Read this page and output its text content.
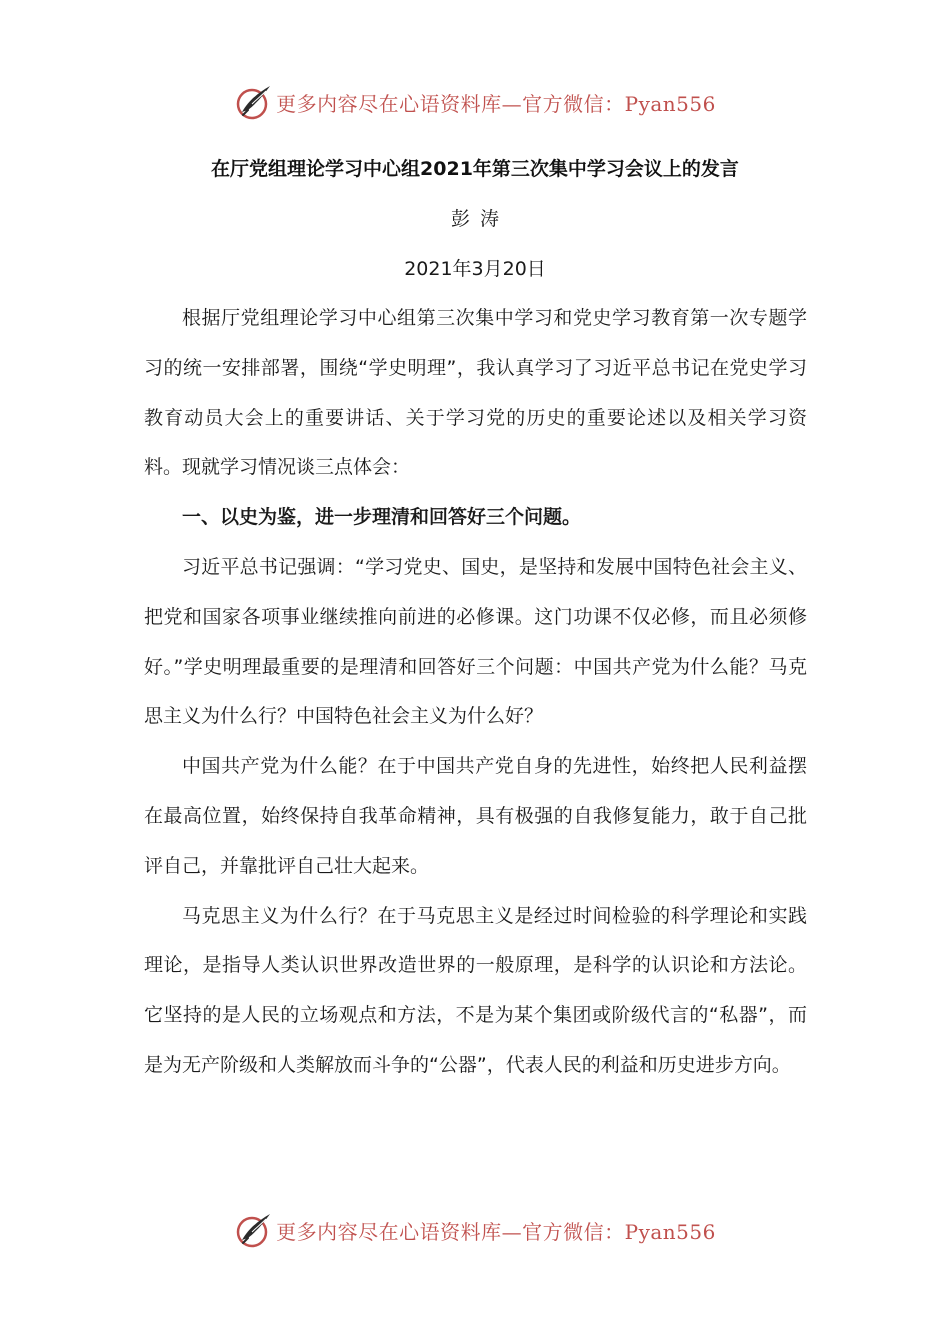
更多内容尽在心语资料库—官方微信：Pyan556
在厅党组理论学习中心组2021年第三次集中学习会议上的发言
彭涛
2021年3月20日

根据厅党组理论学习中心组第三次集中学习和党史学习教育第一次专题学习的统一安排部署，围绕“学史明理”，我认真学习了习近平总书记在党史学习教育动员大会上的重要讲话、关于学习党的历史的重要论述以及相关学习资料。现就学习情况谈三点体会：

一、以史为鉴，进一步理清和回答好三个问题。

习近平总书记强调：“学习党史、国史，是坚持和发展中国特色社会主义、把党和国家各项事业继续推向前进的必修课。这门功课不仅必修，而且必须修好。”学史明理最重要的是理清和回答好三个问题：中国共产党为什么能？马克思主义为什么行？中国特色社会主义为什么好？

中国共产党为什么能？在于中国共产党自身的先进性，始终把人民利益摆在最高位置，始终保持自我革命精神，具有极强的自我修复能力，敢于自己批评自己，并靠批评自己壮大起来。

马克思主义为什么行？在于马克思主义是经过时间检验的科学理论和实践理论，是指导人类认识世界改造世界的一般原理，是科学的认识论和方法论。它坚持的是人民的立场观点和方法，不是为某个集团或阶级代言的“私器”，而是为无产阶级和人类解放而斗争的“公器”，代表人民的利益和历史进步方向。

更多内容尽在心语资料库—官方微信：Pyan556
